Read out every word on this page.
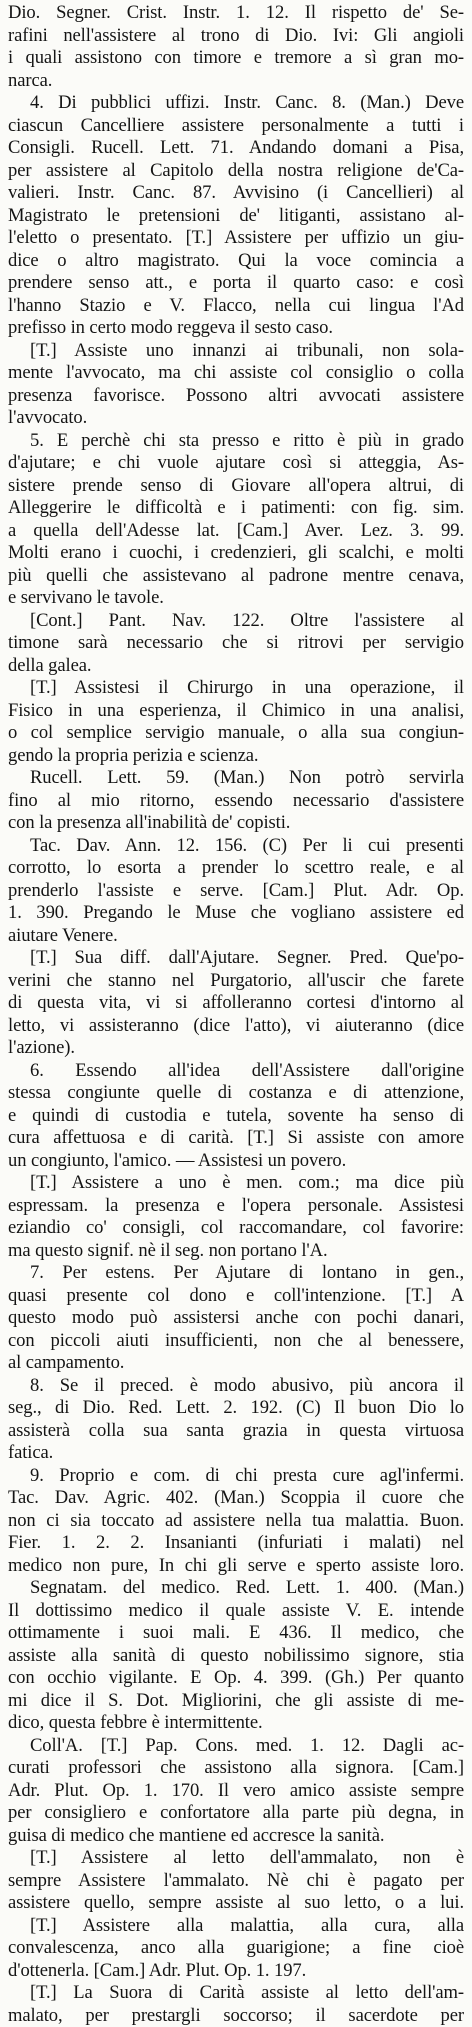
Dio. Segner. Crist. Instr. 1. 12. Il rispetto de' Se-
rafini nell'assistere al trono di Dio. Ivi: Gli angioli
i quali assistono con timore e tremore a sì gran mo-
narca.
4. Di pubblici uffizi. Instr. Canc. 8. (Man.) Deve
ciascun Cancelliere assistere personalmente a tutti i
Consigli. Rucell. Lett. 71. Andando domani a Pisa,
per assistere al Capitolo della nostra religione de'Ca-
valieri. Instr. Canc. 87. Avvisino (i Cancellieri) al
Magistrato le pretensioni de' litiganti, assistano al-
l'eletto o presentato. [T.] Assistere per uffizio un giu-
dice o altro magistrato. Qui la voce comincia a
prendere senso att., e porta il quarto caso: e così
l'hanno Stazio e V. Flacco, nella cui lingua l'Ad
prefisso in certo modo reggeva il sesto caso.
[T.] Assiste uno innanzi ai tribunali, non sola-
mente l'avvocato, ma chi assiste col consiglio o colla
presenza favorisce. Possono altri avvocati assistere
l'avvocato.
5. E perchè chi sta presso e ritto è più in grado
d'ajutare; e chi vuole ajutare così si atteggia, As-
sistere prende senso di Giovare all'opera altrui, di
Alleggerire le difficoltà e i patimenti: con fig. sim.
a quella dell'Adesse lat. [Cam.] Aver. Lez. 3. 99.
Molti erano i cuochi, i credenzieri, gli scalchi, e molti
più quelli che assistevano al padrone mentre cenava,
e servivano le tavole.
[Cont.] Pant. Nav. 122. Oltre l'assistere al
timone sarà necessario che si ritrovi per servigio
della galea.
[T.] Assistesi il Chirurgo in una operazione, il
Fisico in una esperienza, il Chimico in una analisi,
o col semplice servigio manuale, o alla sua congiun-
gendo la propria perizia e scienza.
Rucell. Lett. 59. (Man.) Non potrò servirla
fino al mio ritorno, essendo necessario d'assistere
con la presenza all'inabilità de' copisti.
Tac. Dav. Ann. 12. 156. (C) Per li cui presenti
corrotto, lo esorta a prender lo scettro reale, e al
prenderlo l'assiste e serve. [Cam.] Plut. Adr. Op.
1. 390. Pregando le Muse che vogliano assistere ed
aiutare Venere.
[T.] Sua diff. dall'Ajutare. Segner. Pred. Que'po-
verini che stanno nel Purgatorio, all'uscir che farete
di questa vita, vi si affolleranno cortesi d'intorno al
letto, vi assisteranno (dice l'atto), vi aiuteranno (dice
l'azione).
6. Essendo all'idea dell'Assistere dall'origine
stessa congiunte quelle di costanza e di attenzione,
e quindi di custodia e tutela, sovente ha senso di
cura affettuosa e di carità. [T.] Si assiste con amore
un congiunto, l'amico. — Assistesi un povero.
[T.] Assistere a uno è men. com.; ma dice più
espressam. la presenza e l'opera personale. Assistesi
eziandio co' consigli, col raccomandare, col favorire:
ma questo signif. nè il seg. non portano l'A.
7. Per estens. Per Ajutare di lontano in gen.,
quasi presente col dono e coll'intenzione. [T.] A
questo modo può assistersi anche con pochi danari,
con piccoli aiuti insufficienti, non che al benessere,
al campamento.
8. Se il preced. è modo abusivo, più ancora il
seg., di Dio. Red. Lett. 2. 192. (C) Il buon Dio lo
assisterà colla sua santa grazia in questa virtuosa
fatica.
9. Proprio e com. di chi presta cure agl'infermi.
Tac. Dav. Agric. 402. (Man.) Scoppia il cuore che
non ci sia toccato ad assistere nella tua malattia. Buon.
Fier. 1. 2. 2. Insanianti (infuriati i malati) nel
medico non pure, In chi gli serve e sperto assiste loro.
Segnatam. del medico. Red. Lett. 1. 400. (Man.)
Il dottissimo medico il quale assiste V. E. intende
ottimamente i suoi mali. E 436. Il medico, che
assiste alla sanità di questo nobilissimo signore, stia
con occhio vigilante. E Op. 4. 399. (Gh.) Per quanto
mi dice il S. Dot. Migliorini, che gli assiste di me-
dico, questa febbre è intermittente.
Coll'A. [T.] Pap. Cons. med. 1. 12. Dagli ac-
curati professori che assistono alla signora. [Cam.]
Adr. Plut. Op. 1. 170. Il vero amico assiste sempre
per consigliero e confortatore alla parte più degna, in
guisa di medico che mantiene ed accresce la sanità.
[T.] Assistere al letto dell'ammalato, non è
sempre Assistere l'ammalato. Nè chi è pagato per
assistere quello, sempre assiste al suo letto, o a lui.
[T.] Assistere alla malattia, alla cura, alla
convalescenza, anco alla guarigione; a fine cioè
d'ottenerla. [Cam.] Adr. Plut. Op. 1. 197.
[T.] La Suora di Carità assiste al letto dell'am-
malato, per prestargli soccorso; il sacerdote per
